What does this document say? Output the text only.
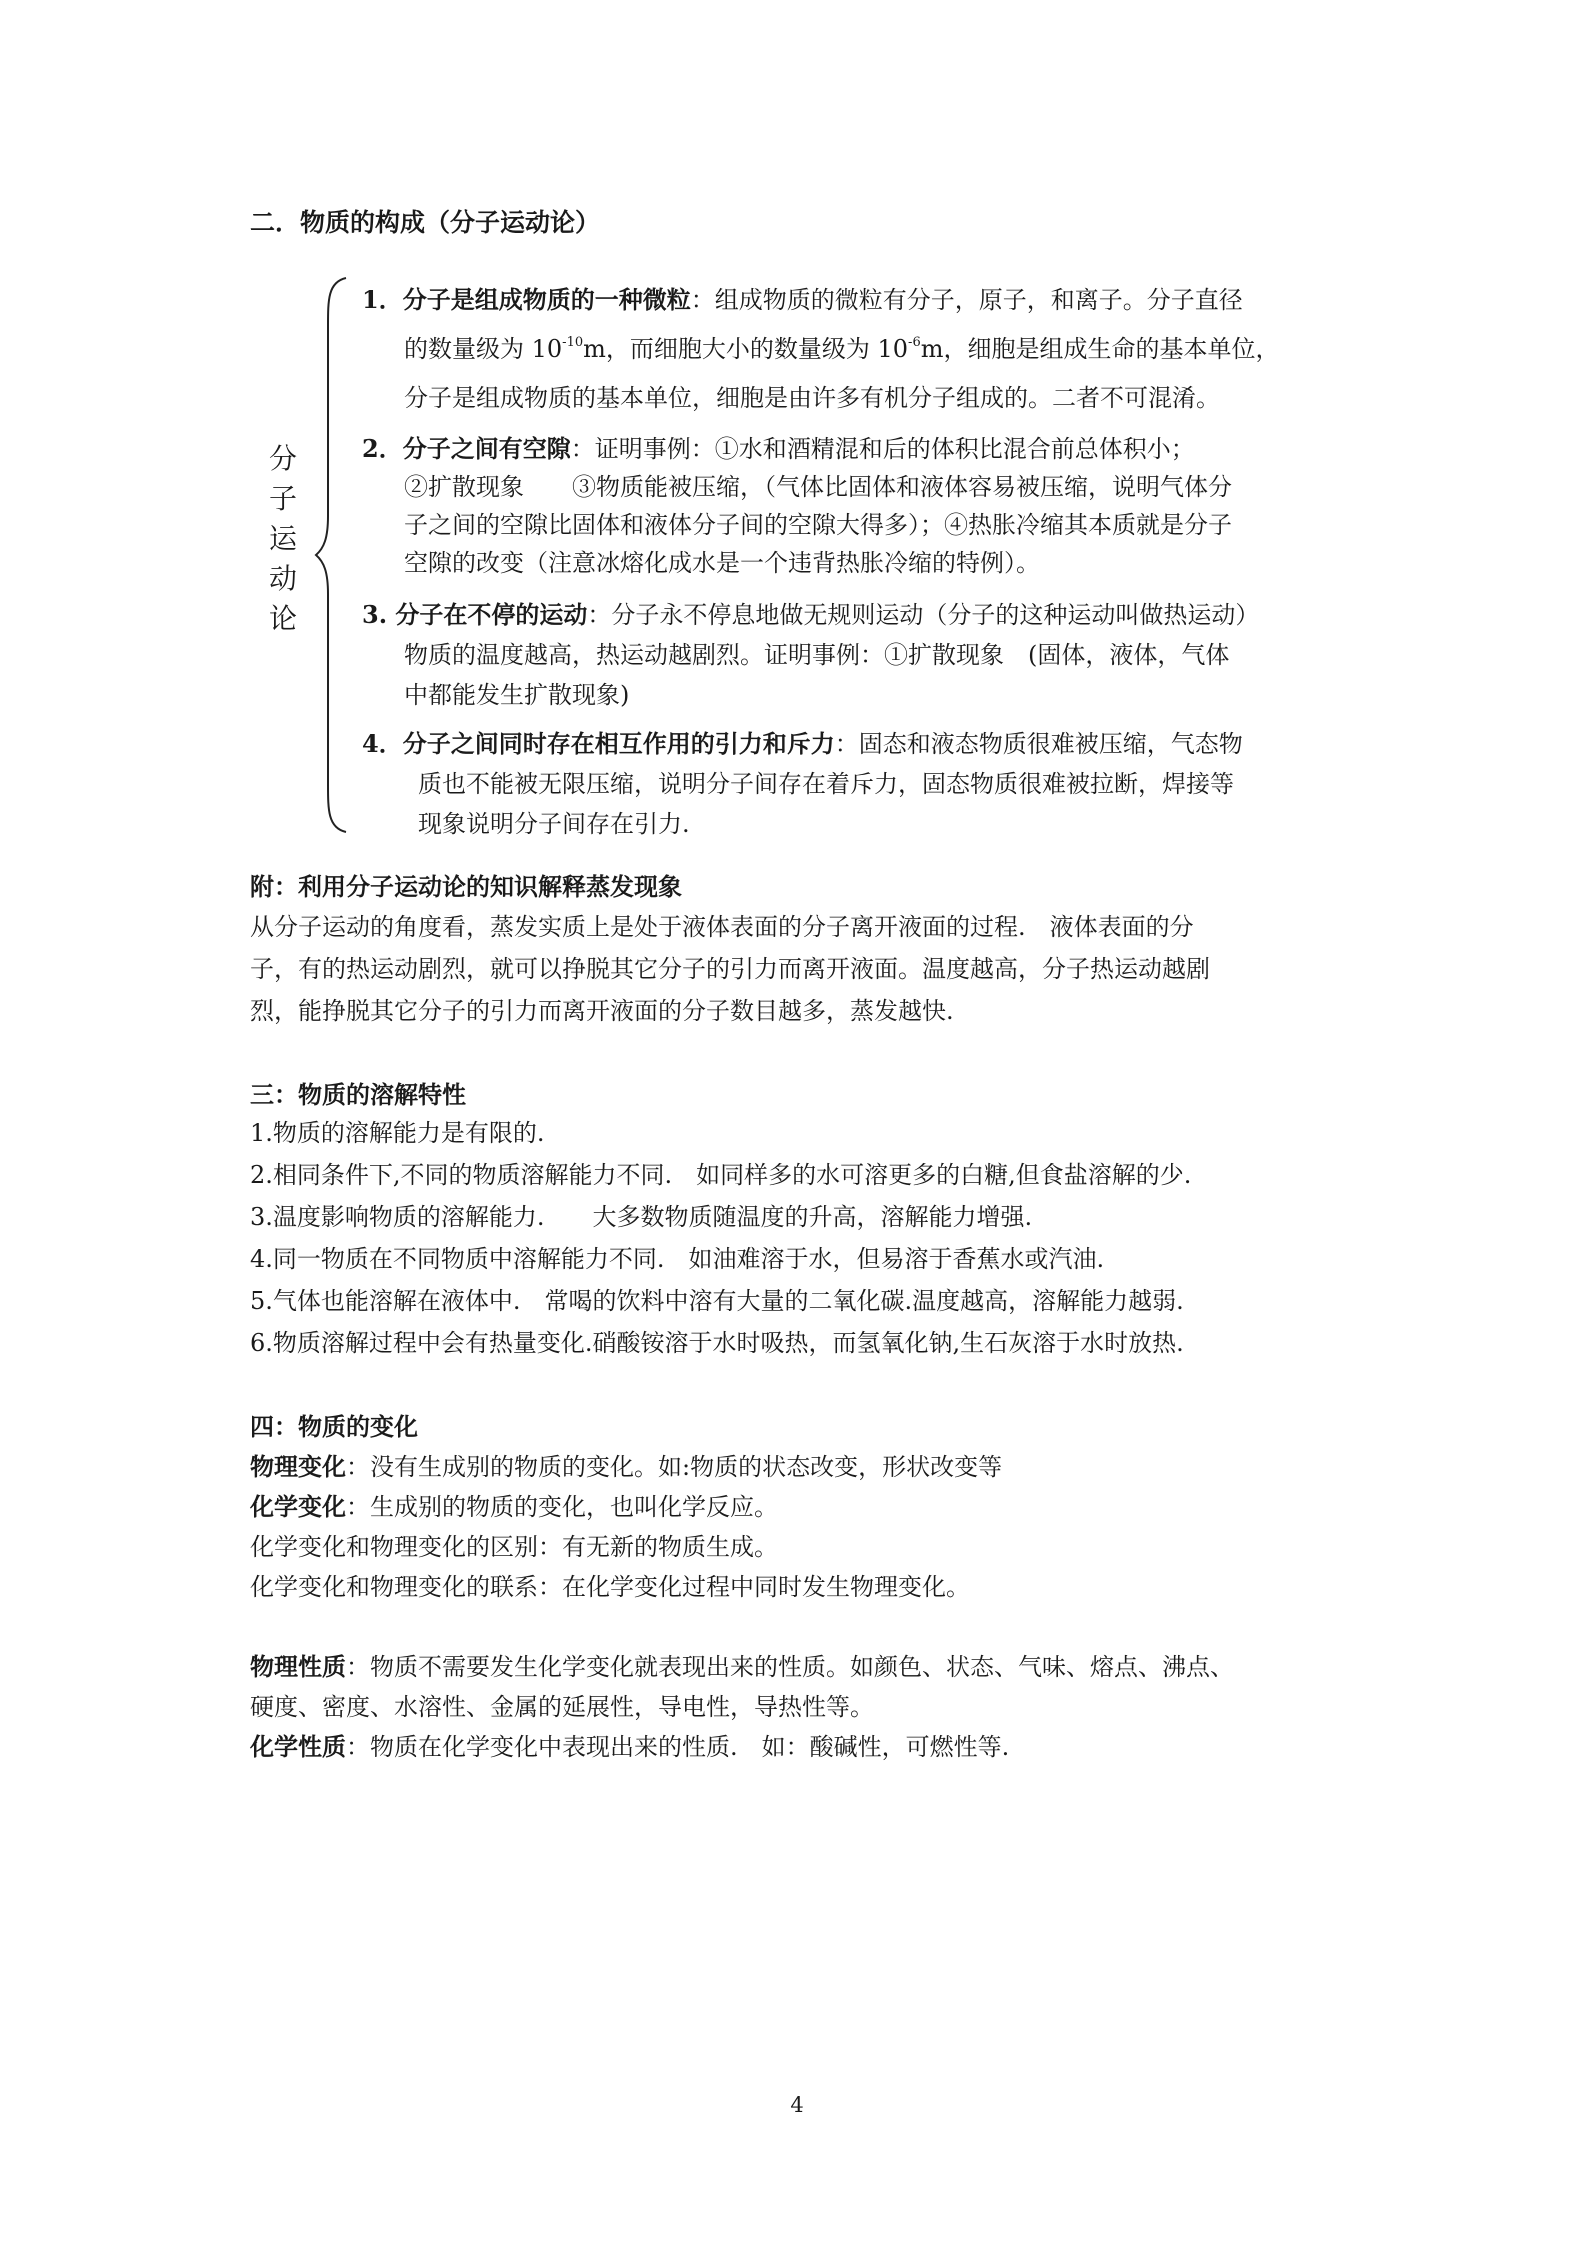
二．物质的构成（分子运动论）
分
子
运
动
论
1．分子是组成物质的一种微粒：组成物质的微粒有分子，原子，和离子。分子直径
的数量级为 $10^{-10}m$，而细胞大小的数量级为 $10^{-6}m$，细胞是组成生命的基本单位，
分子是组成物质的基本单位，细胞是由许多有机分子组成的。二者不可混淆。
2．分子之间有空隙：证明事例：①水和酒精混和后的体积比混合前总体积小；
②扩散现象　　③物质能被压缩，（气体比固体和液体容易被压缩，说明气体分
子之间的空隙比固体和液体分子间的空隙大得多）；④热胀冷缩其本质就是分子
空隙的改变（注意冰熔化成水是一个违背热胀冷缩的特例）。
3. 分子在不停的运动：分子永不停息地做无规则运动（分子的这种运动叫做热运动）
物质的温度越高，热运动越剧烈。证明事例：①扩散现象　(固体，液体，气体
中都能发生扩散现象)
4．分子之间同时存在相互作用的引力和斥力：固态和液态物质很难被压缩，气态物
质也不能被无限压缩，说明分子间存在着斥力，固态物质很难被拉断，焊接等
现象说明分子间存在引力.
附：利用分子运动论的知识解释蒸发现象
从分子运动的角度看，蒸发实质上是处于液体表面的分子离开液面的过程.　液体表面的分
子，有的热运动剧烈，就可以挣脱其它分子的引力而离开液面。温度越高，分子热运动越剧
烈，能挣脱其它分子的引力而离开液面的分子数目越多，蒸发越快.
三：物质的溶解特性
1.物质的溶解能力是有限的.
2.相同条件下,不同的物质溶解能力不同.　如同样多的水可溶更多的白糖,但食盐溶解的少.
3.温度影响物质的溶解能力.　　大多数物质随温度的升高，溶解能力增强.
4.同一物质在不同物质中溶解能力不同.　如油难溶于水，但易溶于香蕉水或汽油.
5.气体也能溶解在液体中.　常喝的饮料中溶有大量的二氧化碳.温度越高，溶解能力越弱.
6.物质溶解过程中会有热量变化.硝酸铵溶于水时吸热，而氢氧化钠,生石灰溶于水时放热.
四：物质的变化
物理变化：没有生成别的物质的变化。如:物质的状态改变，形状改变等
化学变化：生成别的物质的变化，也叫化学反应。
化学变化和物理变化的区别：有无新的物质生成。
化学变化和物理变化的联系：在化学变化过程中同时发生物理变化。
物理性质：物质不需要发生化学变化就表现出来的性质。如颜色、状态、气味、熔点、沸点、
硬度、密度、水溶性、金属的延展性，导电性，导热性等。
化学性质：物质在化学变化中表现出来的性质.　如：酸碱性，可燃性等.
4
